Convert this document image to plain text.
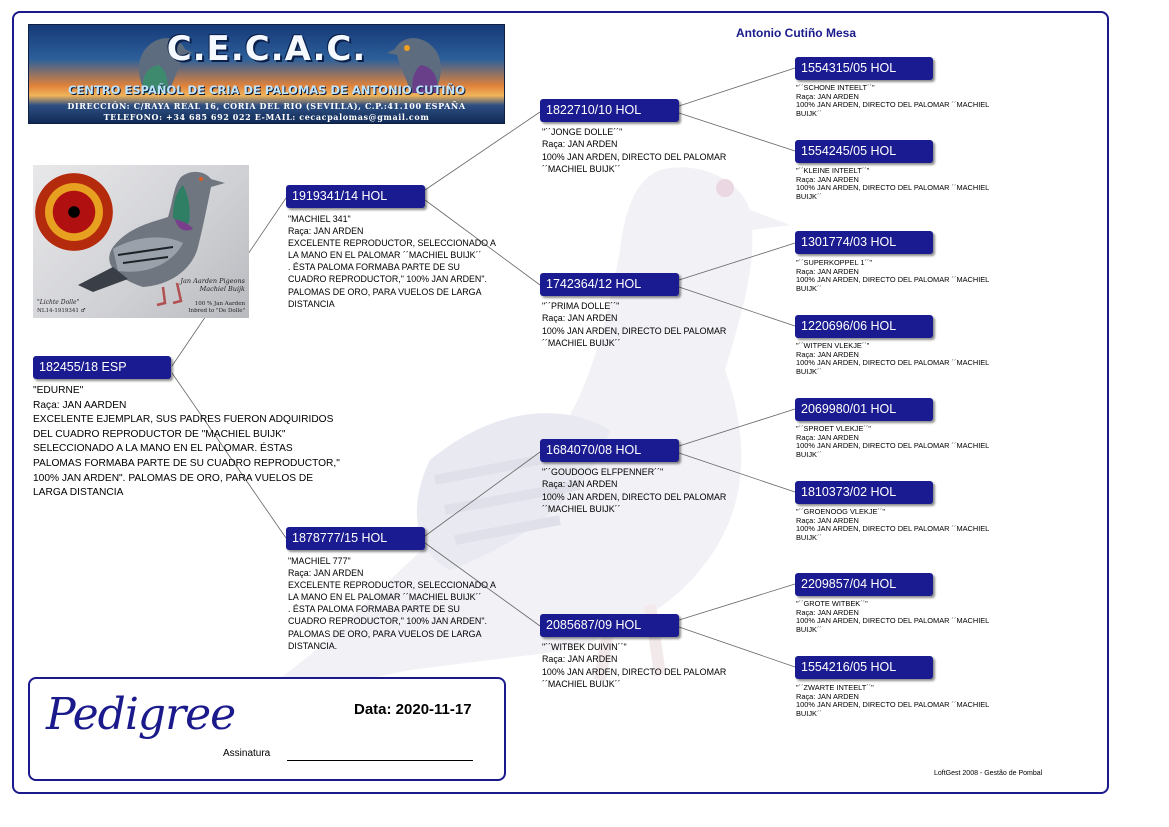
C.E.C.A.C.
CENTRO ESPAÑOL DE CRIA DE PALOMAS DE ANTONIO CUTIÑO
DIRECCIÓN: C/RAYA REAL 16, CORIA DEL RIO (SEVILLA), C.P.:41.100 ESPAÑA
TELEFONO: +34 685 692 022 E-MAIL: cecacpalomas@gmail.com
Antonio Cutiño Mesa
Jan Aarden Pigeons
Machiel Buijk
"Lichte Dolle"
NL14-1919341 ♂
100 % Jan Aarden
Inbred to "De Dolle"
182455/18 ESP
"EDURNE"
Raça: JAN AARDEN
EXCELENTE EJEMPLAR, SUS PADRES FUERON ADQUIRIDOS
DEL CUADRO REPRODUCTOR DE "MACHIEL BUIJK"
SELECCIONADO A LA MANO EN EL PALOMAR. ÉSTAS
PALOMAS FORMABA PARTE DE SU CUADRO REPRODUCTOR,"
100% JAN ARDEN". PALOMAS DE ORO, PARA VUELOS DE
LARGA DISTANCIA
1919341/14 HOL
"MACHIEL 341"
Raça: JAN ARDEN
EXCELENTE REPRODUCTOR, SELECCIONADO A
LA MANO EN EL PALOMAR ´´MACHIEL BUIJK´´
. ÉSTA PALOMA FORMABA PARTE DE SU
CUADRO REPRODUCTOR," 100% JAN ARDEN".
PALOMAS DE ORO, PARA VUELOS DE LARGA
DISTANCIA
1878777/15 HOL
"MACHIEL 777"
Raça: JAN ARDEN
EXCELENTE REPRODUCTOR, SELECCIONADO A
LA MANO EN EL PALOMAR ´´MACHIEL BUIJK´´
. ÉSTA PALOMA FORMABA PARTE DE SU
CUADRO REPRODUCTOR," 100% JAN ARDEN".
PALOMAS DE ORO, PARA VUELOS DE LARGA
DISTANCIA.
1822710/10 HOL
"´´JONGE DOLLE´´"
Raça: JAN ARDEN
100% JAN ARDEN, DIRECTO DEL PALOMAR
´´MACHIEL BUIJK´´
1742364/12 HOL
"´´PRIMA DOLLE´´"
Raça: JAN ARDEN
100% JAN ARDEN, DIRECTO DEL PALOMAR
´´MACHIEL BUIJK´´
1684070/08 HOL
"´´GOUDOOG ELFPENNER´´"
Raça: JAN ARDEN
100% JAN ARDEN, DIRECTO DEL PALOMAR
´´MACHIEL BUIJK´´
2085687/09 HOL
"´´WITBEK DUIVIN´´"
Raça: JAN ARDEN
100% JAN ARDEN, DIRECTO DEL PALOMAR
´´MACHIEL BUIJK´´
1554315/05 HOL
"´´SCHONE INTEELT´´"
Raça: JAN ARDEN
100% JAN ARDEN, DIRECTO DEL PALOMAR ´´MACHIEL
BUIJK´´
1554245/05 HOL
"´´KLEINE INTEELT´´"
Raça: JAN ARDEN
100% JAN ARDEN, DIRECTO DEL PALOMAR ´´MACHIEL
BUIJK´´
1301774/03 HOL
"´´SUPERKOPPEL 1´´"
Raça: JAN ARDEN
100% JAN ARDEN, DIRECTO DEL PALOMAR ´´MACHIEL
BUIJK´´
1220696/06 HOL
"´´WITPEN VLEKJE´´"
Raça: JAN ARDEN
100% JAN ARDEN, DIRECTO DEL PALOMAR ´´MACHIEL
BUIJK´´
2069980/01 HOL
"´´SPROET VLEKJE´´"
Raça: JAN ARDEN
100% JAN ARDEN, DIRECTO DEL PALOMAR ´´MACHIEL
BUIJK´´
1810373/02 HOL
"´´GROENOOG VLEKJE´´"
Raça: JAN ARDEN
100% JAN ARDEN, DIRECTO DEL PALOMAR ´´MACHIEL
BUIJK´´
2209857/04 HOL
"´´GROTE WITBEK´´"
Raça: JAN ARDEN
100% JAN ARDEN, DIRECTO DEL PALOMAR ´´MACHIEL
BUIJK´´
1554216/05 HOL
"´´ZWARTE INTEELT´´"
Raça: JAN ARDEN
100% JAN ARDEN, DIRECTO DEL PALOMAR ´´MACHIEL
BUIJK´´
Pedigree	Data: 2020-11-17
Assinatura
LoftGest 2008 - Gestão de Pombal
